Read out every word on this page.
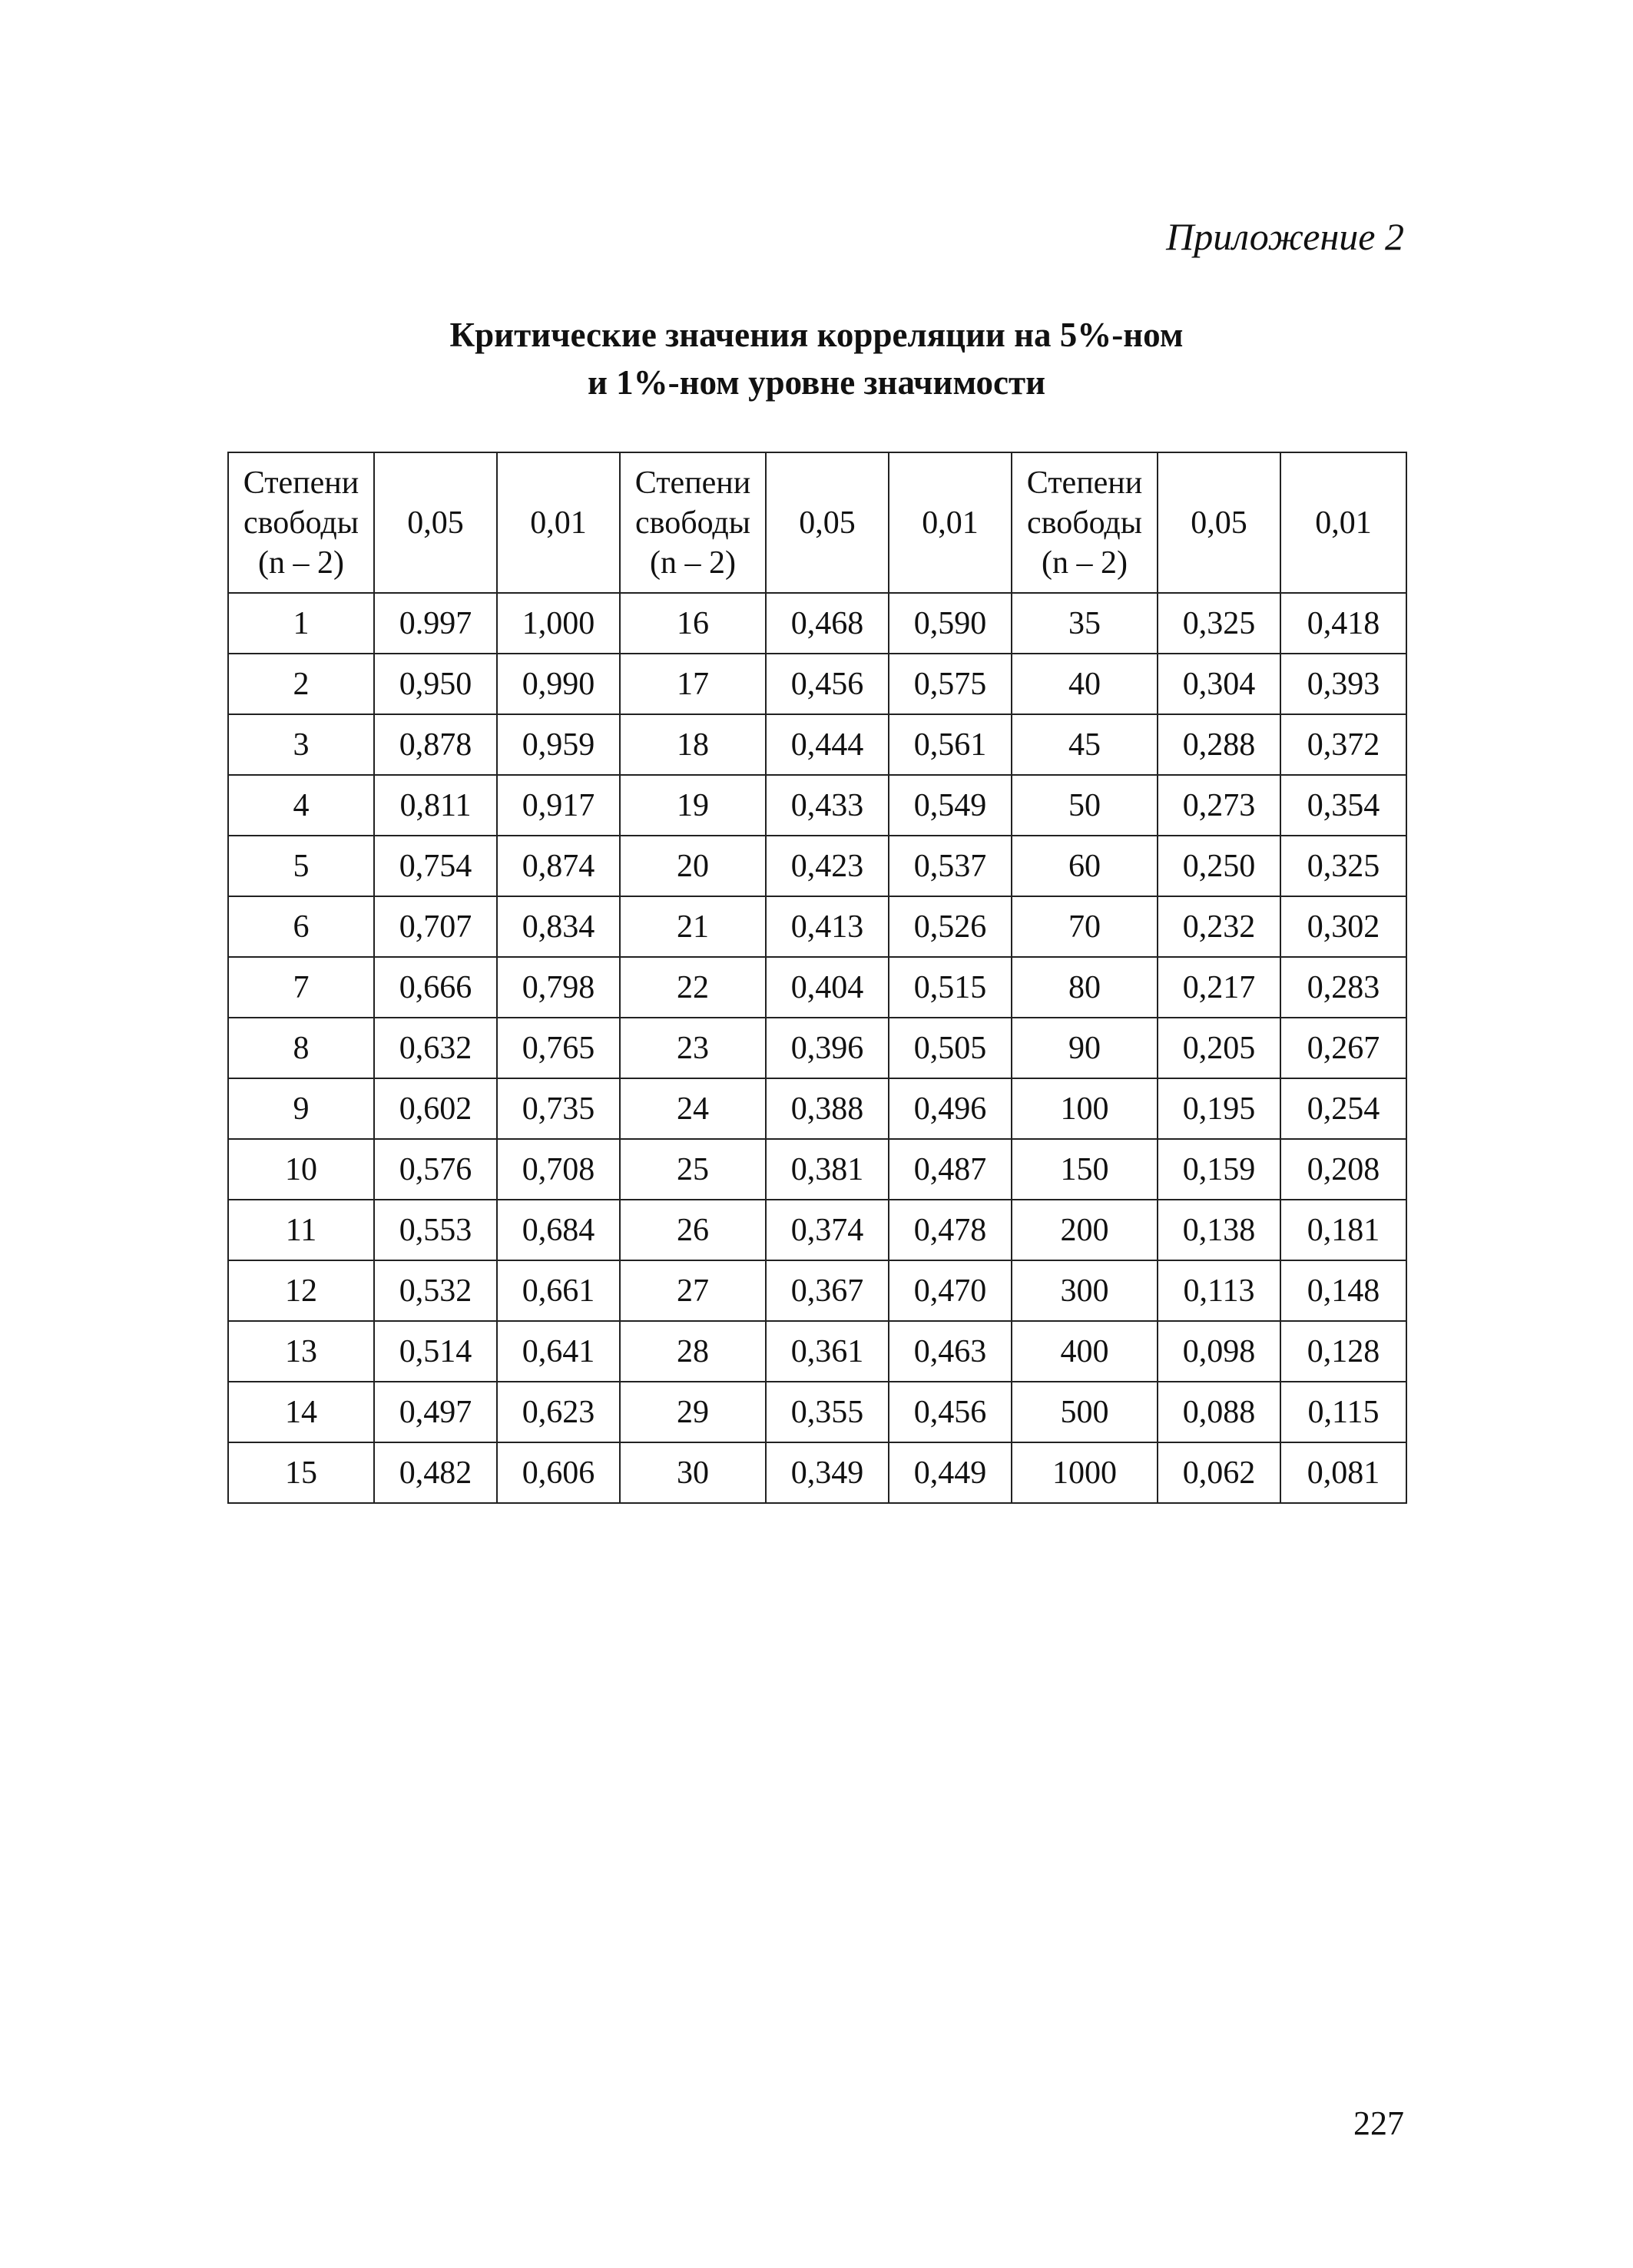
Приложение 2

Критические значения корреляции на 5%-ном
и 1%-ном уровне значимости
Степени
свободы
(n – 2)	0,05	0,01	Степени
свободы
(n – 2)	0,05	0,01	Степени
свободы
(n – 2)	0,05	0,01
1	0.997	1,000	16	0,468	0,590	35	0,325	0,418
2	0,950	0,990	17	0,456	0,575	40	0,304	0,393
3	0,878	0,959	18	0,444	0,561	45	0,288	0,372
4	0,811	0,917	19	0,433	0,549	50	0,273	0,354
5	0,754	0,874	20	0,423	0,537	60	0,250	0,325
6	0,707	0,834	21	0,413	0,526	70	0,232	0,302
7	0,666	0,798	22	0,404	0,515	80	0,217	0,283
8	0,632	0,765	23	0,396	0,505	90	0,205	0,267
9	0,602	0,735	24	0,388	0,496	100	0,195	0,254
10	0,576	0,708	25	0,381	0,487	150	0,159	0,208
11	0,553	0,684	26	0,374	0,478	200	0,138	0,181
12	0,532	0,661	27	0,367	0,470	300	0,113	0,148
13	0,514	0,641	28	0,361	0,463	400	0,098	0,128
14	0,497	0,623	29	0,355	0,456	500	0,088	0,115
15	0,482	0,606	30	0,349	0,449	1000	0,062	0,081

227
